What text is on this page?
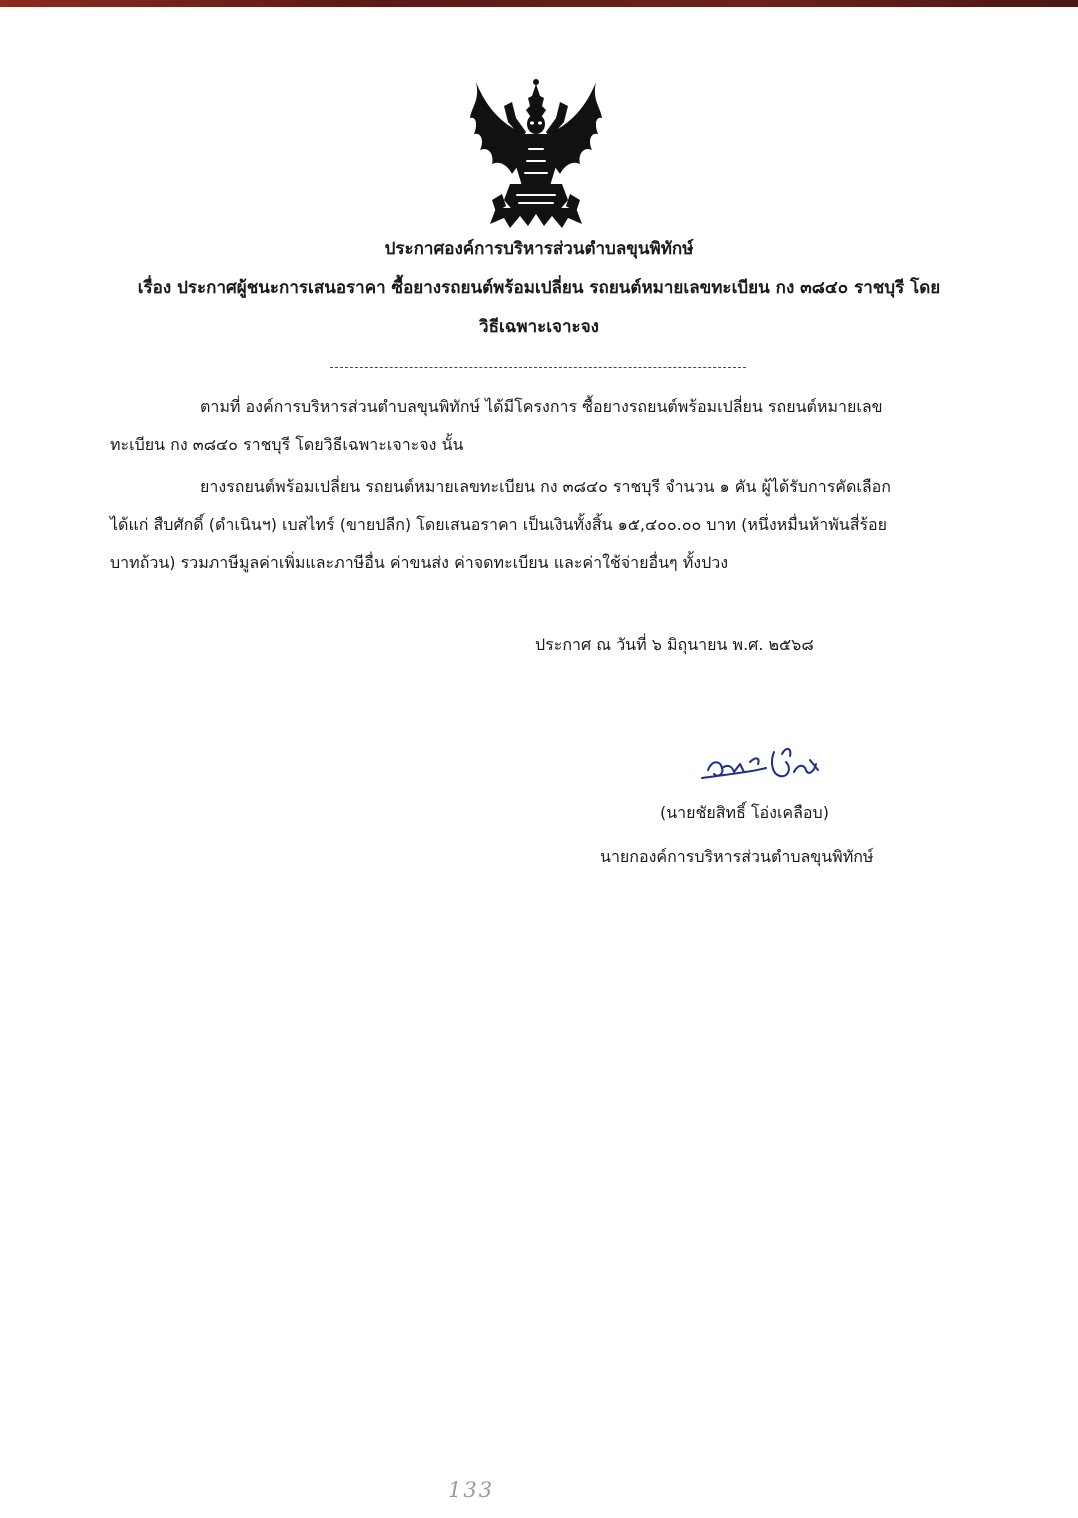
ประกาศองค์การบริหารส่วนตำบลขุนพิทักษ์
เรื่อง ประกาศผู้ชนะการเสนอราคา ซื้อยางรถยนต์พร้อมเปลี่ยน รถยนต์หมายเลขทะเบียน กง ๓๘๔๐ ราชบุรี โดย
วิธีเฉพาะเจาะจง
ตามที่ องค์การบริหารส่วนตำบลขุนพิทักษ์ ได้มีโครงการ ซื้อยางรถยนต์พร้อมเปลี่ยน รถยนต์หมายเลข
ทะเบียน กง ๓๘๔๐ ราชบุรี โดยวิธีเฉพาะเจาะจง นั้น
ยางรถยนต์พร้อมเปลี่ยน รถยนต์หมายเลขทะเบียน กง ๓๘๔๐ ราชบุรี จำนวน ๑ คัน ผู้ได้รับการคัดเลือก
ได้แก่ สืบศักดิ์ (ดำเนินฯ) เบสไทร์ (ขายปลีก) โดยเสนอราคา เป็นเงินทั้งสิ้น ๑๕,๔๐๐.๐๐ บาท (หนึ่งหมื่นห้าพันสี่ร้อย
บาทถ้วน) รวมภาษีมูลค่าเพิ่มและภาษีอื่น ค่าขนส่ง ค่าจดทะเบียน และค่าใช้จ่ายอื่นๆ ทั้งปวง
ประกาศ ณ วันที่ ๖ มิถุนายน พ.ศ. ๒๕๖๘
(นายชัยสิทธิ์ โอ่งเคลือบ)
นายกองค์การบริหารส่วนตำบลขุนพิทักษ์
133
